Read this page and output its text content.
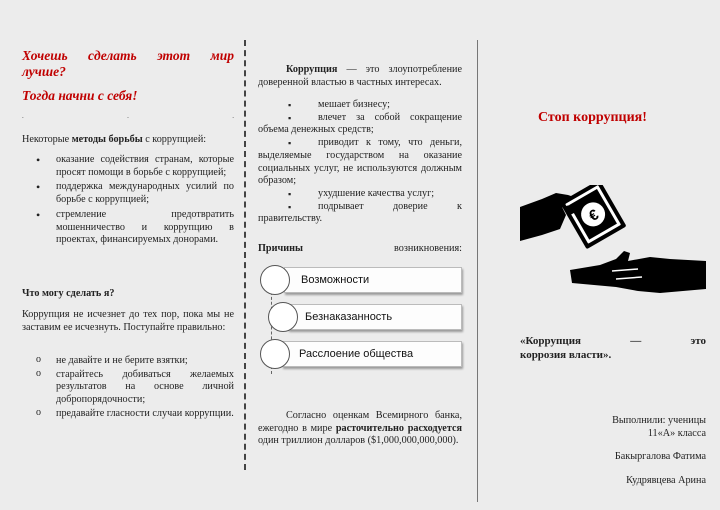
Хочешь сделать этот мир
лучше?
Тогда начни с себя!
.	.	.
Некоторые методы борьбы с коррупцией:
• оказание содействия странам, которые просят помощи в борьбе с коррупцией;
• поддержка международных усилий по борьбе с коррупцией;
• стремление предотвратить мошенничество и коррупцию в проектах, финансируемых донорами.
Что могу сделать я?
Коррупция не исчезнет до тех пор, пока мы не заставим ее исчезнуть. Поступайте правильно:
o не давайте и не берите взятки;
o старайтесь добиваться желаемых результатов на основе личной добропорядочности;
o предавайте гласности случаи коррупции.
Коррупция — это злоупотребление доверенной властью в частных интересах.
▪ мешает бизнесу;
▪ влечет за собой сокращение объема денежных средств;
▪ приводит к тому, что деньги, выделяемые государством на оказание социальных услуг, не используются должным образом;
▪ ухудшение качества услуг;
▪ подрывает доверие к правительству.
Причины	возникновения:
Возможности
Безнаказанность
Расслоение общества
Согласно оценкам Всемирного банка, ежегодно в мире расточительно расходуется один триллион долларов ($1,000,000,000,000).
Стоп коррупция!
€
«Коррупция	—	это
коррозия власти».
Выполнили: ученицы
11«А» класса
Бакыргалова Фатима
Кудрявцева Арина
